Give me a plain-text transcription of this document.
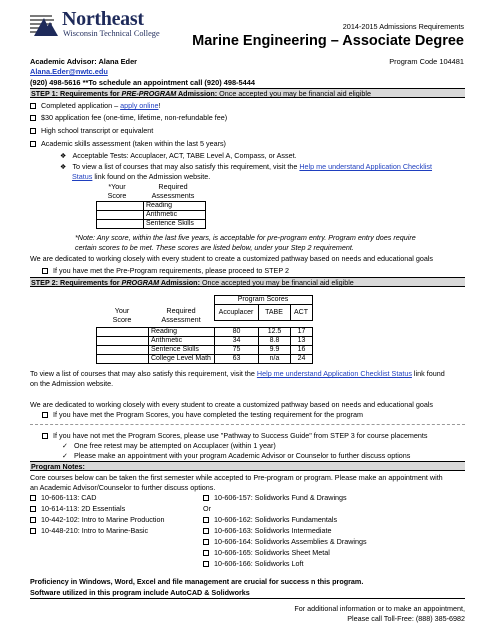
Northeast
Wisconsin Technical College
2014-2015 Admissions Requirements
Marine Engineering – Associate Degree
Academic Advisor: Alana Eder	Program Code 104481
Alana.Eder@nwtc.edu
(920) 498-5616 **To schedule an appointment call (920) 498-5444
STEP 1: Requirements for PRE-PROGRAM Admission: Once accepted you may be financial aid eligible
Completed application – apply online!
$30 application fee (one-time, lifetime, non-refundable fee)
High school transcript or equivalent
Academic skills assessment (taken within the last 5 years)
❖ Acceptable Tests: Accuplacer, ACT, TABE Level A, Compass, or Asset.
❖ To view a list of courses that may also satisfy this requirement, visit the Help me understand Application Checklist
Status link found on the Admission website.
*Your
Score
Required
Assessments
	Reading
	Arithmetic
	Sentence Skills
*Note: Any score, within the last five years, is acceptable for pre-program entry. Program entry does require
certain scores to be met. These scores are listed below, under your Step 2 requirement.
We are dedicated to working closely with every student to create a customized pathway based on needs and educational goals
If you have met the Pre-Program requirements, please proceed to STEP 2
STEP 2: Requirements for PROGRAM Admission: Once accepted you may be financial aid eligible
Your
Score
Required
Assessment
	Program Scores		
	Accuplacer	TABE	ACT
	Reading	80	12.5	17
	Arithmetic	34	8.8	13
	Sentence Skills	75	9.9	16
	College Level Math	63	n/a	24
To view a list of courses that may also satisfy this requirement, visit the Help me understand Application Checklist Status link found
on the Admission website.
We are dedicated to working closely with every student to create a customized pathway based on needs and educational goals
If you have met the Program Scores, you have completed the testing requirement for the program
If you have not met the Program Scores, please use "Pathway to Success Guide" from STEP 3 for course placements
✓ One free retest may be attempted on Accuplacer (within 1 year)
✓ Please make an appointment with your program Academic Advisor or Counselor to further discuss options
Program Notes:
Core courses below can be taken the first semester while accepted to Pre-program or program. Please make an appointment with
an Academic Advisor/Counselor to further discuss options.
10-606-113: CAD
10-614-113: 2D Essentials
10-442-102: Intro to Marine Production
10-448-210: Intro to Marine-Basic
10-606-157: Solidworks Fund & Drawings
Or
10-606-162: Solidworks Fundamentals
10-606-163: Solidworks Intermediate
10-606-164: Solidworks Assemblies & Drawings
10-606-165: Solidworks Sheet Metal
10-606-166: Solidworks Loft
Proficiency in Windows, Word, Excel and file management are crucial for success n this program.
Software utilized in this program include AutoCAD & Solidworks
For additional information or to make an appointment,
Please call Toll-Free: (888) 385-6982
